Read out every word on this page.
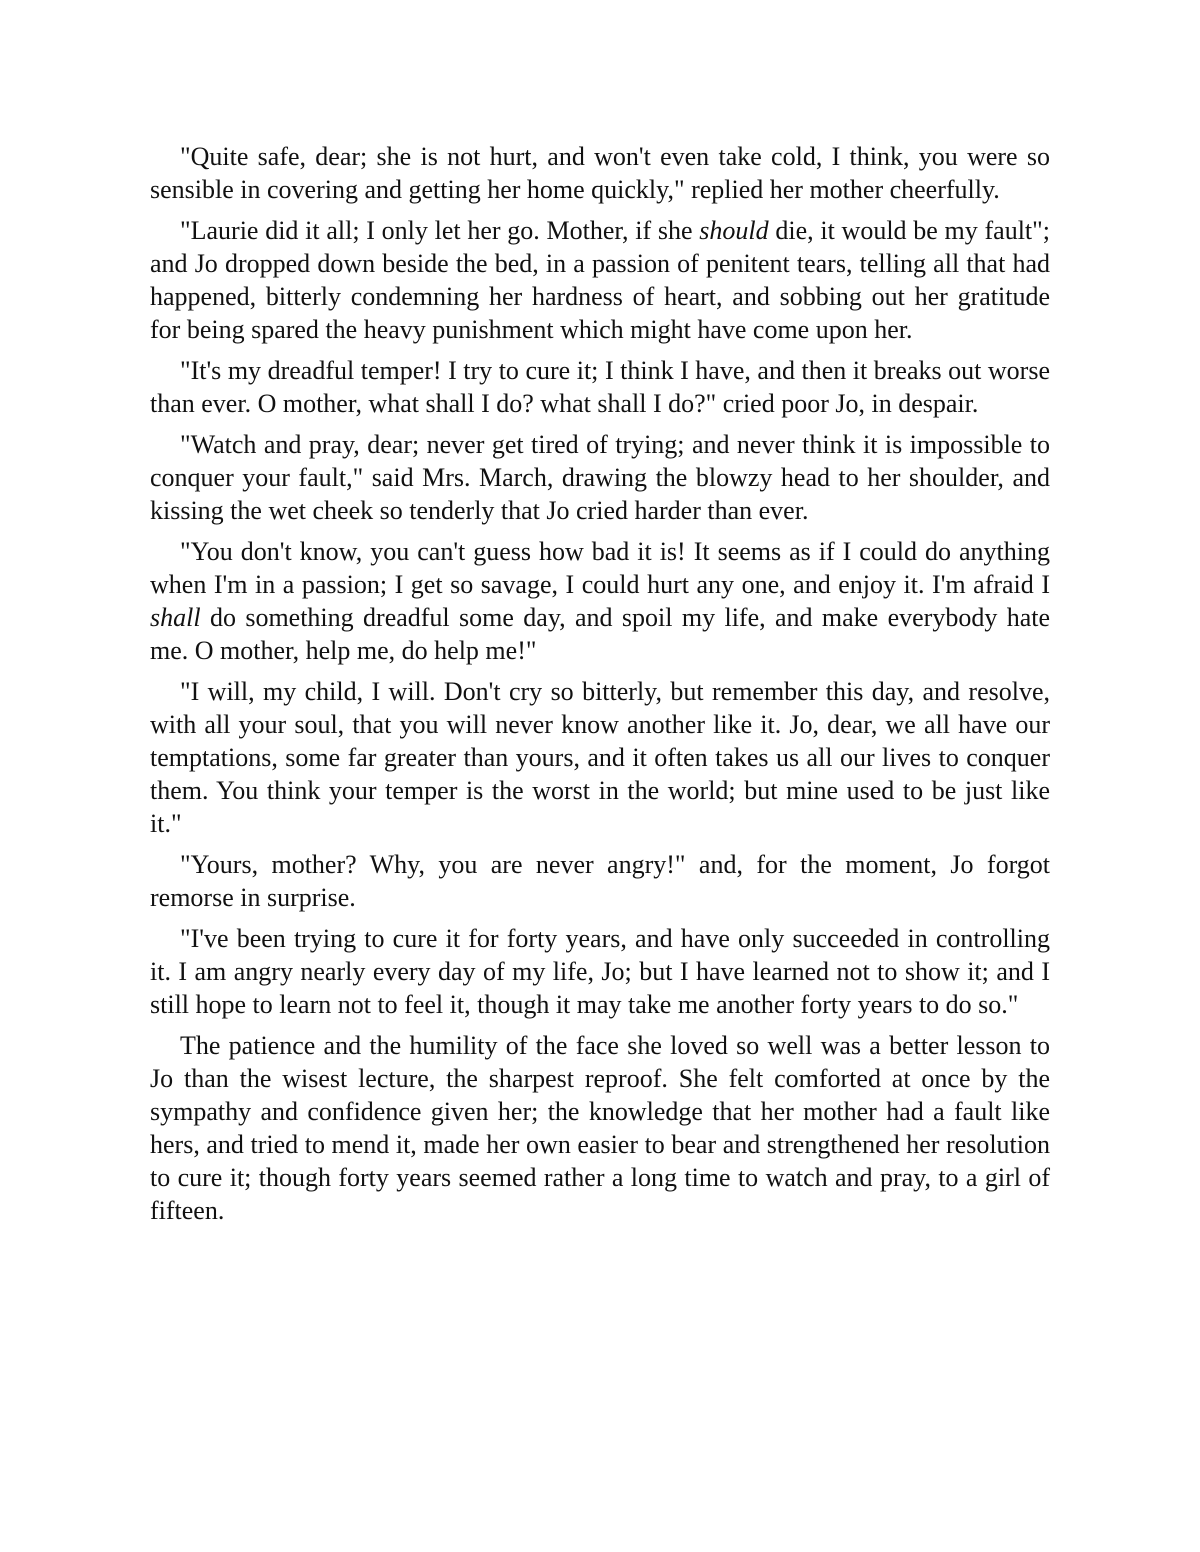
"Quite safe, dear; she is not hurt, and won't even take cold, I think, you were so sensible in covering and getting her home quickly," replied her mother cheerfully.

"Laurie did it all; I only let her go. Mother, if she should die, it would be my fault"; and Jo dropped down beside the bed, in a passion of penitent tears, telling all that had happened, bitterly condemning her hardness of heart, and sobbing out her gratitude for being spared the heavy punishment which might have come upon her.

"It's my dreadful temper! I try to cure it; I think I have, and then it breaks out worse than ever. O mother, what shall I do? what shall I do?" cried poor Jo, in despair.

"Watch and pray, dear; never get tired of trying; and never think it is impossible to conquer your fault," said Mrs. March, drawing the blowzy head to her shoulder, and kissing the wet cheek so tenderly that Jo cried harder than ever.

"You don't know, you can't guess how bad it is! It seems as if I could do anything when I'm in a passion; I get so savage, I could hurt any one, and enjoy it. I'm afraid I shall do something dreadful some day, and spoil my life, and make everybody hate me. O mother, help me, do help me!"

"I will, my child, I will. Don't cry so bitterly, but remember this day, and resolve, with all your soul, that you will never know another like it. Jo, dear, we all have our temptations, some far greater than yours, and it often takes us all our lives to conquer them. You think your temper is the worst in the world; but mine used to be just like it."

"Yours, mother? Why, you are never angry!" and, for the moment, Jo forgot remorse in surprise.

"I've been trying to cure it for forty years, and have only succeeded in controlling it. I am angry nearly every day of my life, Jo; but I have learned not to show it; and I still hope to learn not to feel it, though it may take me another forty years to do so."

The patience and the humility of the face she loved so well was a better lesson to Jo than the wisest lecture, the sharpest reproof. She felt comforted at once by the sympathy and confidence given her; the knowledge that her mother had a fault like hers, and tried to mend it, made her own easier to bear and strengthened her resolution to cure it; though forty years seemed rather a long time to watch and pray, to a girl of fifteen.
